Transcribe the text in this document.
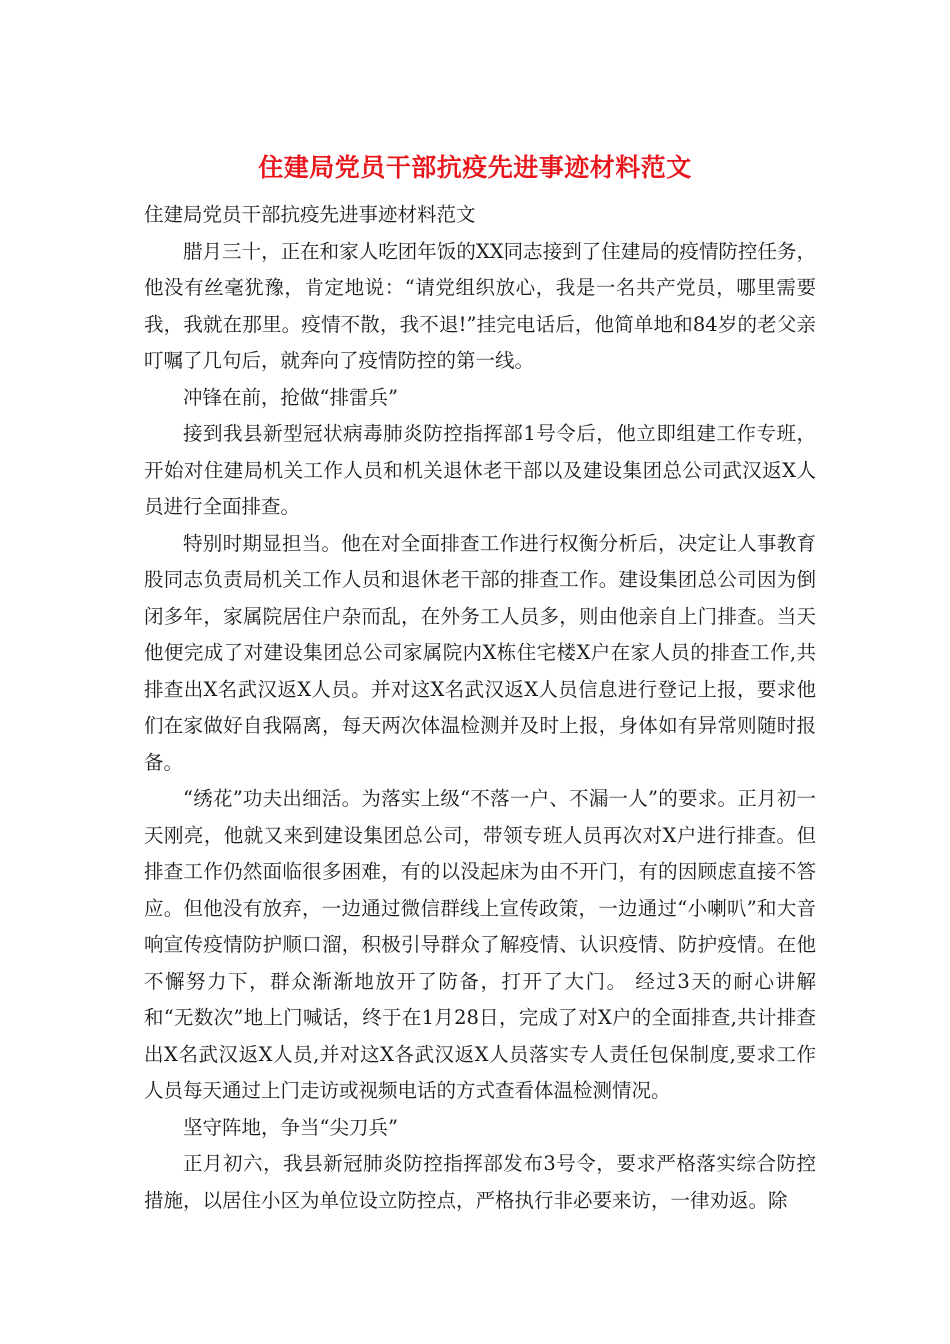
住建局党员干部抗疫先进事迹材料范文

住建局党员干部抗疫先进事迹材料范文

腊月三十，正在和家人吃团年饭的XX同志接到了住建局的疫情防控任务，他没有丝毫犹豫，肯定地说：“请党组织放心，我是一名共产党员，哪里需要我，我就在那里。疫情不散，我不退!”挂完电话后，他简单地和84岁的老父亲叮嘱了几句后，就奔向了疫情防控的第一线。

冲锋在前，抢做“排雷兵”

接到我县新型冠状病毒肺炎防控指挥部1号令后，他立即组建工作专班，开始对住建局机关工作人员和机关退休老干部以及建设集团总公司武汉返X人员进行全面排查。

特别时期显担当。他在对全面排查工作进行权衡分析后，决定让人事教育股同志负责局机关工作人员和退休老干部的排查工作。建设集团总公司因为倒闭多年，家属院居住户杂而乱，在外务工人员多，则由他亲自上门排查。当天他便完成了对建设集团总公司家属院内X栋住宅楼X户在家人员的排查工作,共排查出X名武汉返X人员。并对这X名武汉返X人员信息进行登记上报，要求他们在家做好自我隔离，每天两次体温检测并及时上报，身体如有异常则随时报备。

“绣花”功夫出细活。为落实上级“不落一户、不漏一人”的要求。正月初一天刚亮，他就又来到建设集团总公司，带领专班人员再次对X户进行排查。但排查工作仍然面临很多困难，有的以没起床为由不开门，有的因顾虑直接不答应。但他没有放弃，一边通过微信群线上宣传政策，一边通过“小喇叭”和大音响宣传疫情防护顺口溜，积极引导群众了解疫情、认识疫情、防护疫情。在他不懈努力下，群众渐渐地放开了防备，打开了大门。 经过3天的耐心讲解和“无数次”地上门喊话，终于在1月28日，完成了对X户的全面排查,共计排查出X名武汉返X人员,并对这X各武汉返X人员落实专人责任包保制度,要求工作人员每天通过上门走访或视频电话的方式查看体温检测情况。

坚守阵地，争当“尖刀兵”

正月初六，我县新冠肺炎防控指挥部发布3号令，要求严格落实综合防控措施，以居住小区为单位设立防控点，严格执行非必要来访，一律劝返。除
